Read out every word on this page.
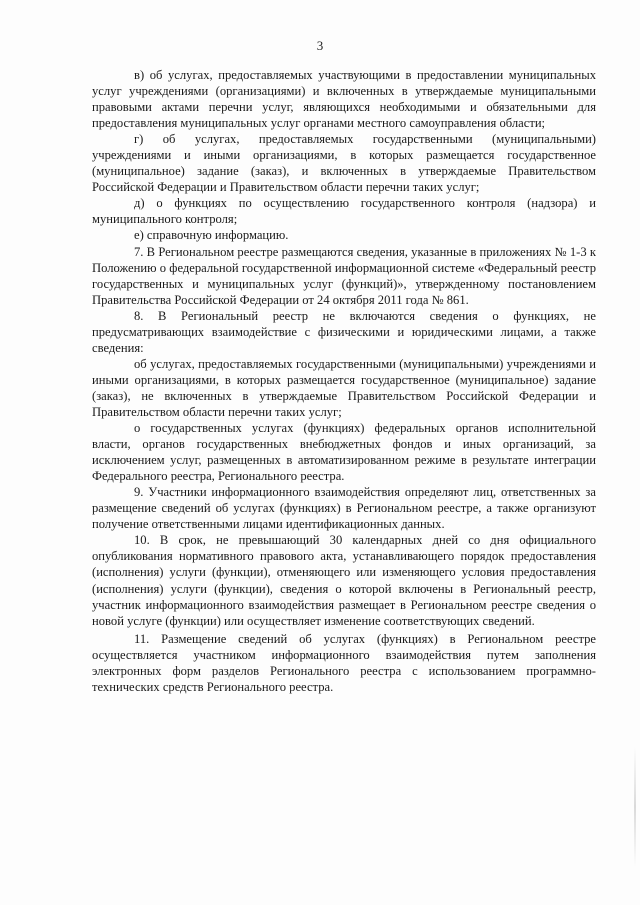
3

в) об услугах, предоставляемых участвующими в предоставлении муниципальных услуг учреждениями (организациями) и включенных в утверждаемые муниципальными правовыми актами перечни услуг, являющихся необходимыми и обязательными для предоставления муниципальных услуг органами местного самоуправления области;

г) об услугах, предоставляемых государственными (муниципальными) учреждениями и иными организациями, в которых размещается государственное (муниципальное) задание (заказ), и включенных в утверждаемые Правительством Российской Федерации и Правительством области перечни таких услуг;

д) о функциях по осуществлению государственного контроля (надзора) и муниципального контроля;

е) справочную информацию.

7. В Региональном реестре размещаются сведения, указанные в приложениях № 1-3 к Положению о федеральной государственной информационной системе «Федеральный реестр государственных и муниципальных услуг (функций)», утвержденному постановлением Правительства Российской Федерации от 24 октября 2011 года № 861.

8. В Региональный реестр не включаются сведения о функциях, не предусматривающих взаимодействие с физическими и юридическими лицами, а также сведения:

об услугах, предоставляемых государственными (муниципальными) учреждениями и иными организациями, в которых размещается государственное (муниципальное) задание (заказ), не включенных в утверждаемые Правительством Российской Федерации и Правительством области перечни таких услуг;

о государственных услугах (функциях) федеральных органов исполнительной власти, органов государственных внебюджетных фондов и иных организаций, за исключением услуг, размещенных в автоматизированном режиме в результате интеграции Федерального реестра, Регионального реестра.

9. Участники информационного взаимодействия определяют лиц, ответственных за размещение сведений об услугах (функциях) в Региональном реестре, а также организуют получение ответственными лицами идентификационных данных.

10. В срок, не превышающий 30 календарных дней со дня официального опубликования нормативного правового акта, устанавливающего порядок предоставления (исполнения) услуги (функции), отменяющего или изменяющего условия предоставления (исполнения) услуги (функции), сведения о которой включены в Региональный реестр, участник информационного взаимодействия размещает в Региональном реестре сведения о новой услуге (функции) или осуществляет изменение соответствующих сведений.

11. Размещение сведений об услугах (функциях) в Региональном реестре осуществляется участником информационного взаимодействия путем заполнения электронных форм разделов Регионального реестра с использованием программно-технических средств Регионального реестра.
